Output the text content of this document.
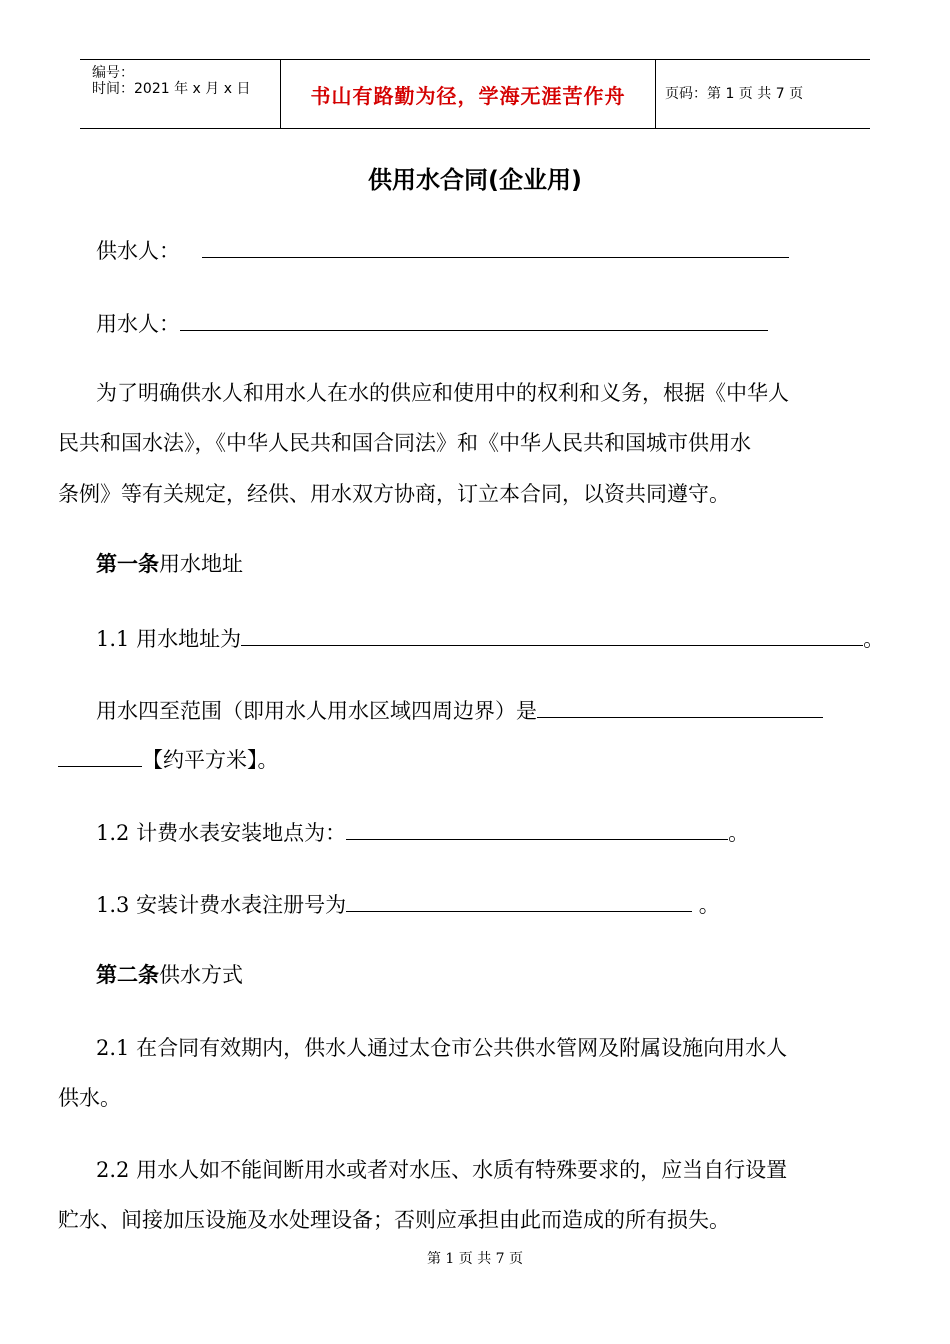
编号：
时间：2021 年 x 月 x 日	书山有路勤为径，学海无涯苦作舟	页码：第 1 页 共 7 页
供用水合同(企业用)
供水人：
用水人：
为了明确供水人和用水人在水的供应和使用中的权利和义务，根据《中华人
民共和国水法》，《中华人民共和国合同法》和《中华人民共和国城市供用水
条例》等有关规定，经供、用水双方协商，订立本合同，以资共同遵守。
第一条用水地址
1.1 用水地址为	。
用水四至范围（即用水人用水区域四周边界）是
【约平方米】。
1.2 计费水表安装地点为：	。
1.3 安装计费水表注册号为	。
第二条供水方式
2.1 在合同有效期内，供水人通过太仓市公共供水管网及附属设施向用水人
供水。
2.2 用水人如不能间断用水或者对水压、水质有特殊要求的，应当自行设置
贮水、间接加压设施及水处理设备；否则应承担由此而造成的所有损失。
第 1 页 共 7 页
